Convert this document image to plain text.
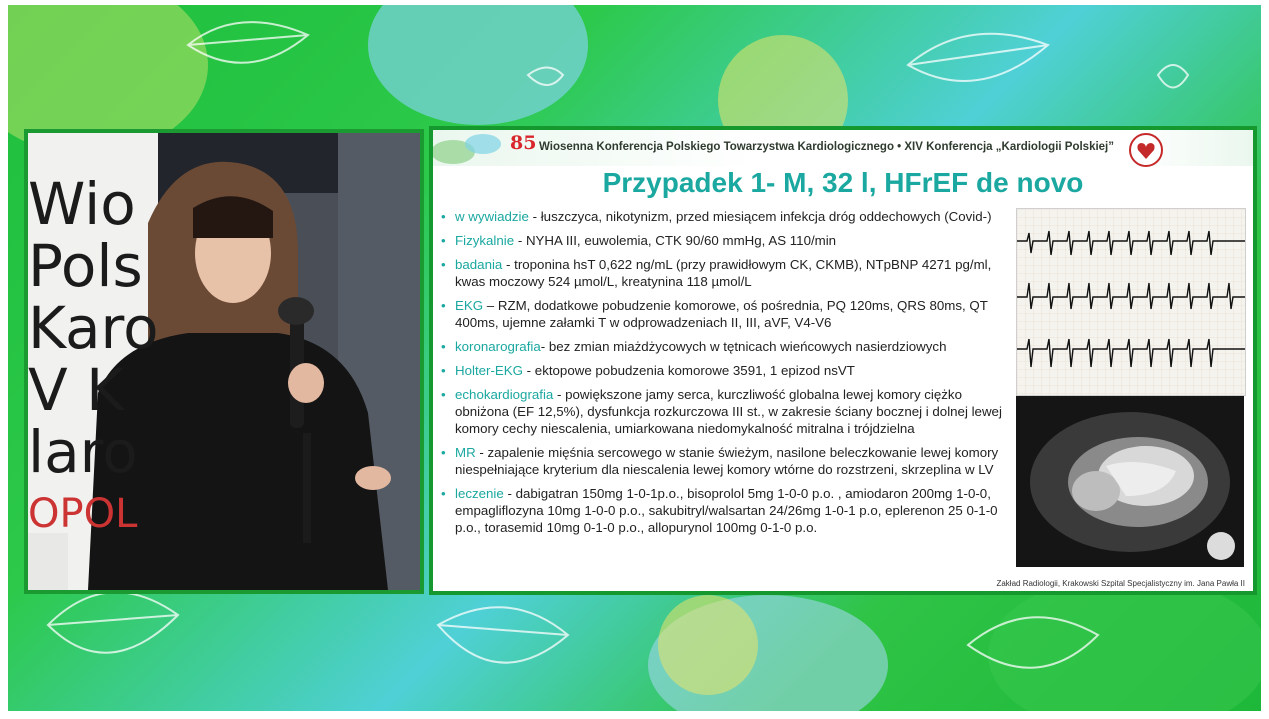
Wio
Pols
Karo
V K
laro
OPOL
85 Wiosenna Konferencja Polskiego Towarzystwa Kardiologicznego • XIV Konferencja „Kardiologii Polskiej”
Przypadek 1- M, 32 l, HFrEF de novo
• w wywiadzie - łuszczyca, nikotynizm, przed miesiącem infekcja dróg oddechowych (Covid-)
• Fizykalnie - NYHA III, euwolemia, CTK 90/60 mmHg, AS 110/min
• badania - troponina hsT 0,622 ng/mL (przy prawidłowym CK, CKMB), NTpBNP 4271 pg/ml, kwas moczowy 524 µmol/L, kreatynina 118 µmol/L
• EKG – RZM, dodatkowe pobudzenie komorowe, oś pośrednia, PQ 120ms, QRS 80ms, QT 400ms, ujemne załamki T w odprowadzeniach II, III, aVF, V4-V6
• koronarografia- bez zmian miażdżycowych w tętnicach wieńcowych nasierdziowych
• Holter-EKG - ektopowe pobudzenia komorowe 3591, 1 epizod nsVT
• echokardiografia - powiększone jamy serca, kurczliwość globalna lewej komory ciężko obniżona (EF 12,5%), dysfunkcja rozkurczowa III st., w zakresie ściany bocznej i dolnej lewej komory cechy niescalenia, umiarkowana niedomykalność mitralna i trójdzielna
• MR - zapalenie mięśnia sercowego w stanie świeżym, nasilone beleczkowanie lewej komory niespełniające kryterium dla niescalenia lewej komory wtórne do rozstrzeni, skrzeplina w LV
• leczenie - dabigatran 150mg 1-0-1p.o., bisoprolol 5mg 1-0-0 p.o. , amiodaron 200mg 1-0-0, empagliflozyna 10mg 1-0-0 p.o., sakubitryl/walsartan 24/26mg 1-0-1 p.o, eplerenon 25 0-1-0 p.o., torasemid 10mg 0-1-0 p.o., allopurynol 100mg 0-1-0 p.o.
Zakład Radiologii, Krakowski Szpital Specjalistyczny im. Jana Pawła II
